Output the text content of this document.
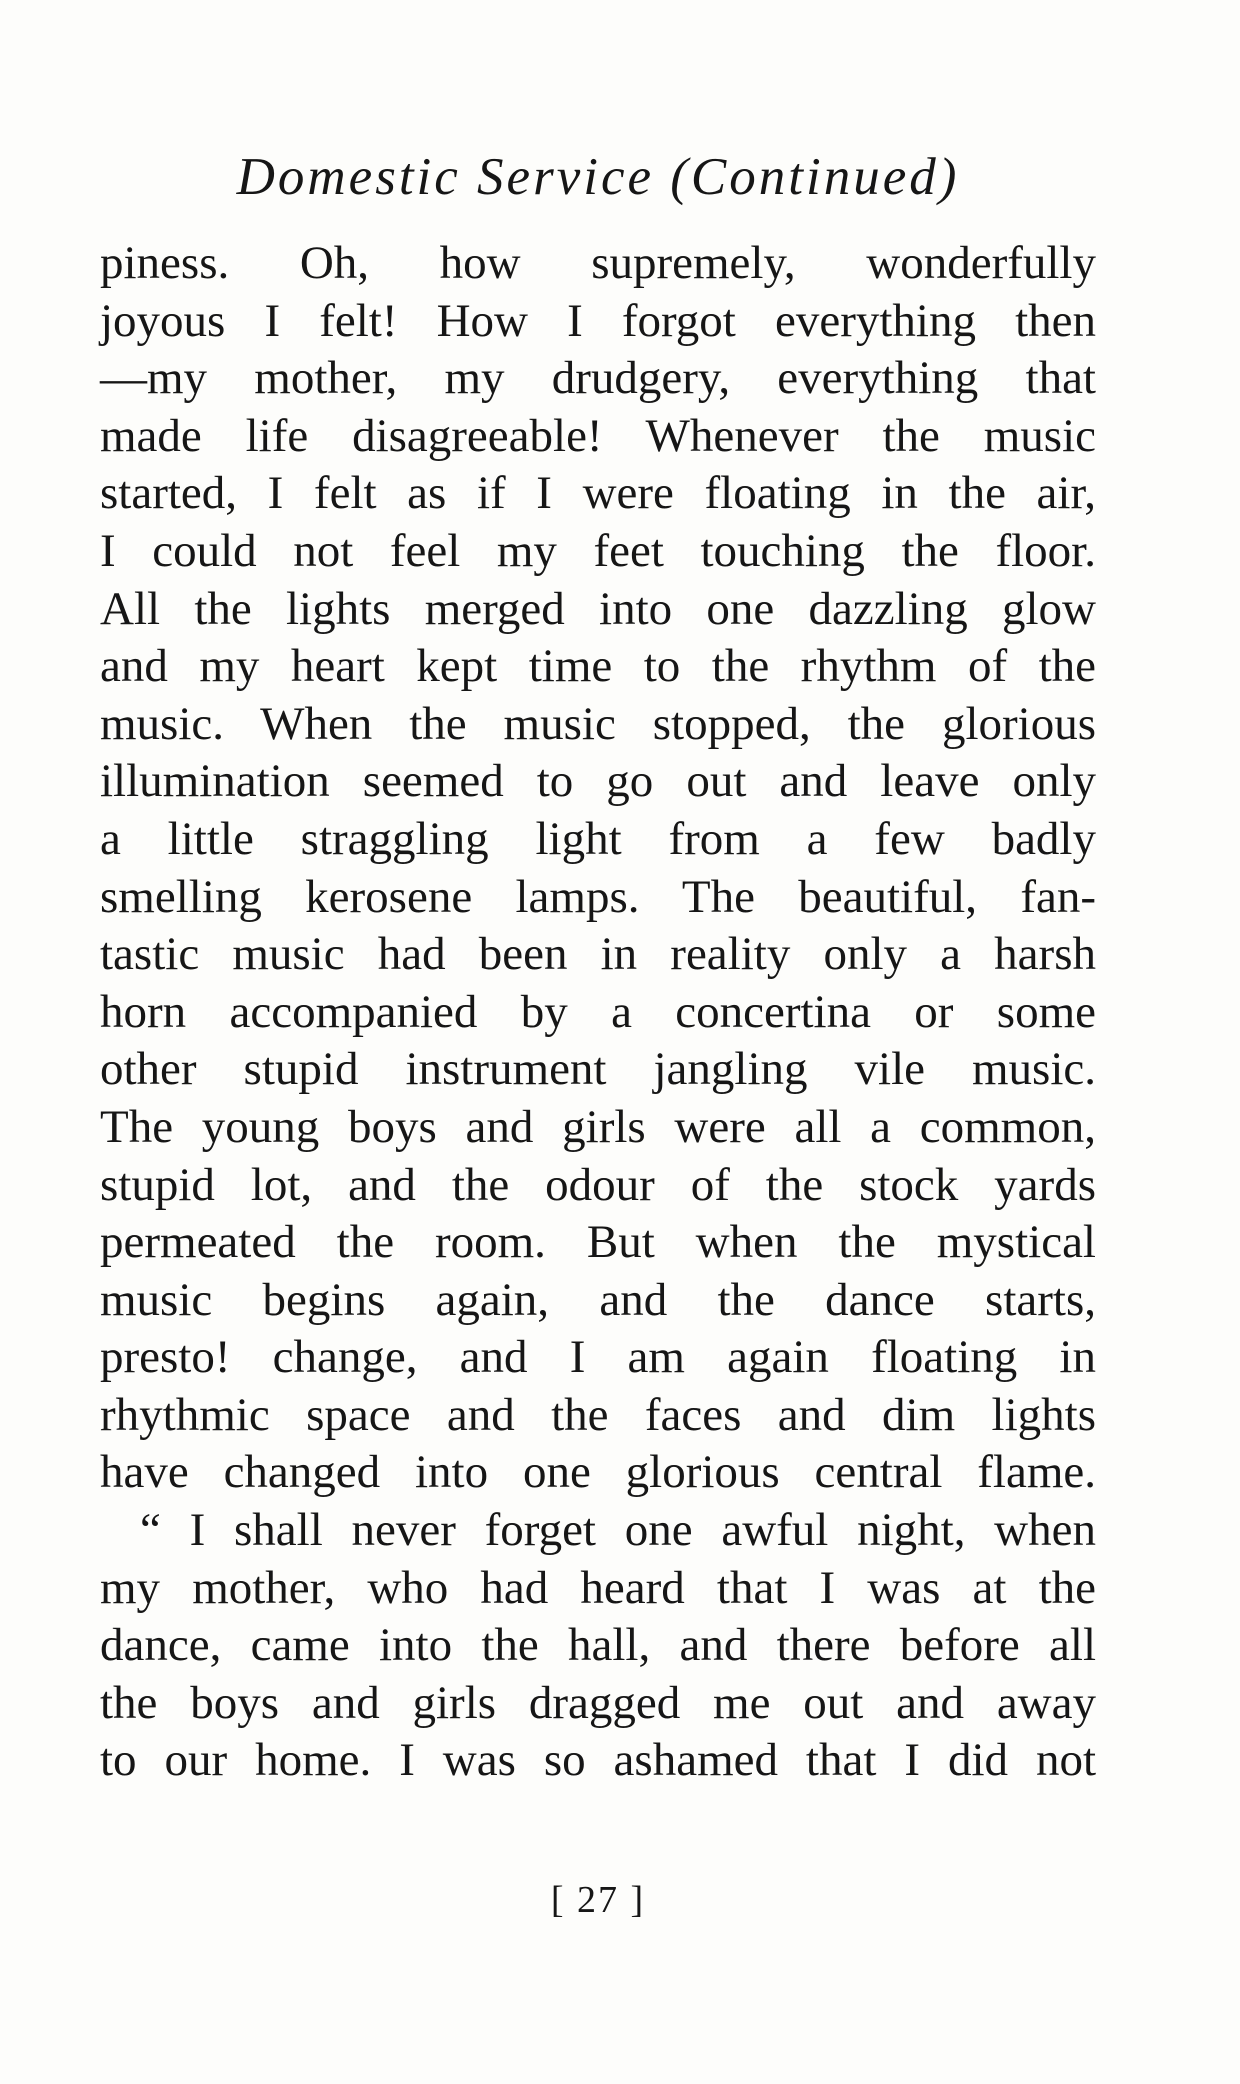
Domestic Service (Continued)
piness. Oh, how supremely, wonderfully
joyous I felt! How I forgot everything then
—my mother, my drudgery, everything that
made life disagreeable! Whenever the music
started, I felt as if I were floating in the air,
I could not feel my feet touching the floor.
All the lights merged into one dazzling glow
and my heart kept time to the rhythm of the
music. When the music stopped, the glorious
illumination seemed to go out and leave only
a little straggling light from a few badly
smelling kerosene lamps. The beautiful, fan-
tastic music had been in reality only a harsh
horn accompanied by a concertina or some
other stupid instrument jangling vile music.
The young boys and girls were all a common,
stupid lot, and the odour of the stock yards
permeated the room. But when the mystical
music begins again, and the dance starts,
presto! change, and I am again floating in
rhythmic space and the faces and dim lights
have changed into one glorious central flame.
“ I shall never forget one awful night, when
my mother, who had heard that I was at the
dance, came into the hall, and there before all
the boys and girls dragged me out and away
to our home. I was so ashamed that I did not
[ 27 ]
